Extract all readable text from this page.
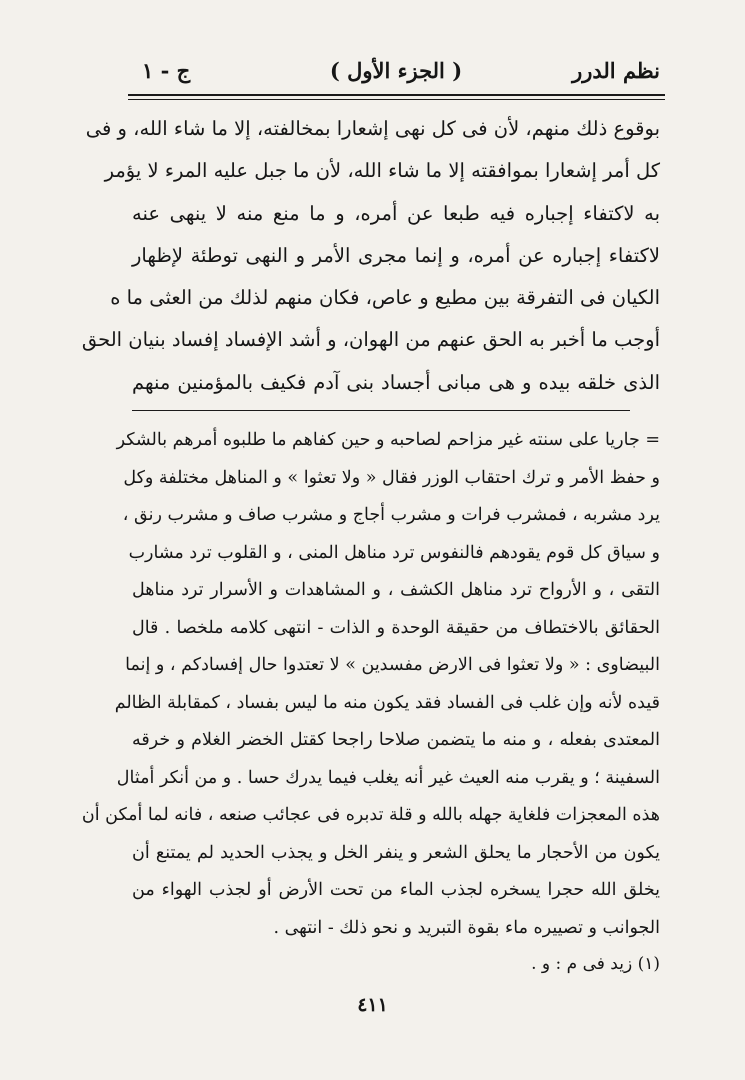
نظم الدرر
( الجزء الأول )
ج - ١
بوقوع ذلك منهم، لأن فى كل نهى إشعارا بمخالفته، إلا ما شاء الله، و فى
كل أمر إشعارا بموافقته إلا ما شاء الله، لأن ما جبل عليه المرء لا يؤمر
به لاكتفاء إجباره فيه طبعا عن أمره، و ما منع منه لا ينهى عنه
لاكتفاء إجباره عن أمره، و إنما مجرى الأمر و النهى توطئة لإظهار
الكيان فى التفرقة بين مطيع و عاص، فكان منهم لذلك من العثى ما ه
أوجب ما أخبر به الحق عنهم من الهوان، و أشد الإفساد إفساد بنيان الحق
الذى خلقه بيده و هى مبانى أجساد بنى آدم فكيف بالمؤمنين منهم
= جاريا على سنته غير مزاحم لصاحبه و حين كفاهم ما طلبوه أمرهم بالشكر
و حفظ الأمر و ترك احتقاب الوزر فقال « ولا تعثوا » و المناهل مختلفة وكل
يرد مشربه ، فمشرب فرات و مشرب أجاج و مشرب صاف و مشرب رنق ،
و سياق كل قوم يقودهم فالنفوس ترد مناهل المنى ، و القلوب ترد مشارب
التقى ، و الأرواح ترد مناهل الكشف ، و المشاهدات و الأسرار ترد مناهل
الحقائق بالاختطاف من حقيقة الوحدة و الذات - انتهى كلامه ملخصا . قال
البيضاوى : « ولا تعثوا فى الارض مفسدين » لا تعتدوا حال إفسادكم ، و إنما
قيده لأنه وإن غلب فى الفساد فقد يكون منه ما ليس بفساد ، كمقابلة الظالم
المعتدى بفعله ، و منه ما يتضمن صلاحا راجحا كقتل الخضر الغلام و خرقه
السفينة ؛ و يقرب منه العيث غير أنه يغلب فيما يدرك حسا . و من أنكر أمثال
هذه المعجزات فلغاية جهله بالله و قلة تدبره فى عجائب صنعه ، فانه لما أمكن أن
يكون من الأحجار ما يحلق الشعر و ينفر الخل و يجذب الحديد لم يمتنع أن
يخلق الله حجرا يسخره لجذب الماء من تحت الأرض أو لجذب الهواء من
الجوانب و تصييره ماء بقوة التبريد و نحو ذلك - انتهى .
(١) زيد فى م : و .
٤١١
